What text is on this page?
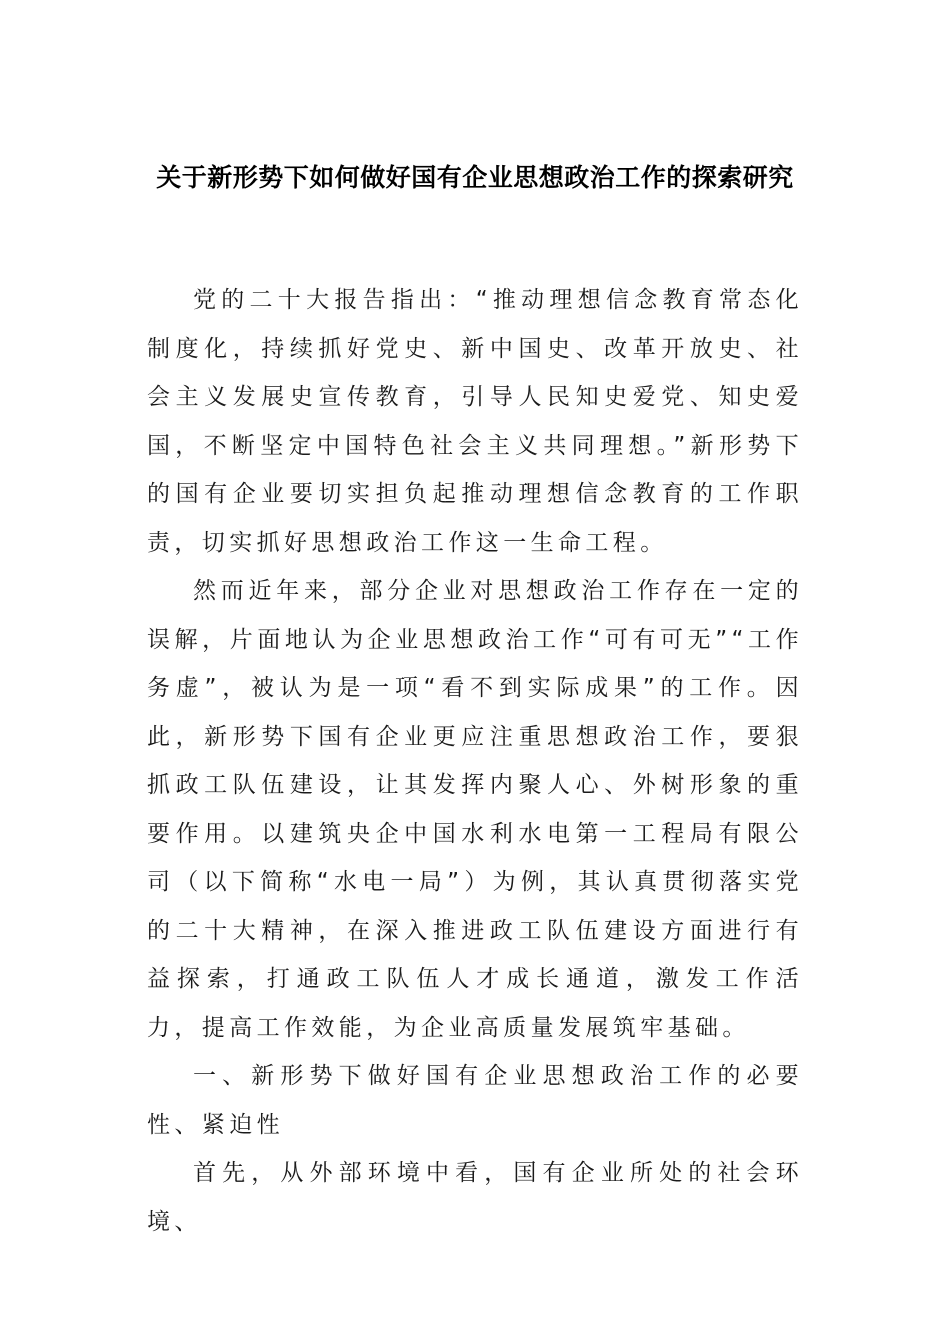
关于新形势下如何做好国有企业思想政治工作的探索研究

党的二十大报告指出：“推动理想信念教育常态化制度化，持续抓好党史、新中国史、改革开放史、社会主义发展史宣传教育，引导人民知史爱党、知史爱国，不断坚定中国特色社会主义共同理想。”新形势下的国有企业要切实担负起推动理想信念教育的工作职责，切实抓好思想政治工作这一生命工程。

然而近年来，部分企业对思想政治工作存在一定的误解，片面地认为企业思想政治工作“可有可无”“工作务虚”，被认为是一项“看不到实际成果”的工作。因此，新形势下国有企业更应注重思想政治工作，要狠抓政工队伍建设，让其发挥内聚人心、外树形象的重要作用。以建筑央企中国水利水电第一工程局有限公司（以下简称“水电一局”）为例，其认真贯彻落实党的二十大精神，在深入推进政工队伍建设方面进行有益探索，打通政工队伍人才成长通道，激发工作活力，提高工作效能，为企业高质量发展筑牢基础。

一、新形势下做好国有企业思想政治工作的必要性、紧迫性

首先，从外部环境中看，国有企业所处的社会环境、
